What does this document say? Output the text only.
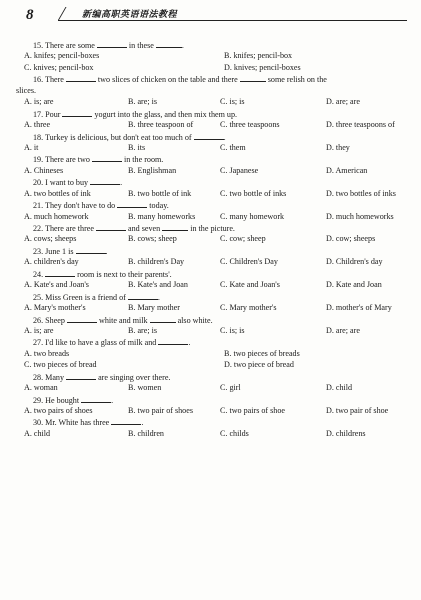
8	新编高职英语语法教程
15. There are some	in these	.
A. knifes; pencil-boxes	B. knifes; pencil-box
C. knives; pencil-box	D. knives; pencil-boxes
16. There	two slices of chicken on the table and there	some relish on the
slices.
A. is; are	B. are; is	C. is; is	D. are; are
17. Pour	yogurt into the glass, and then mix them up.
A. three	B. three teaspoon of	C. three teaspoons	D. three teaspoons of
18. Turkey is delicious, but don't eat too much of	.
A. it	B. its	C. them	D. they
19. There are two	in the room.
A. Chineses	B. Englishman	C. Japanese	D. American
20. I want to buy	.
A. two bottles of ink	B. two bottle of ink	C. two bottle of inks	D. two bottles of inks
21. They don't have to do	today.
A. much homework	B. many homeworks	C. many homework	D. much homeworks
22. There are three	and seven	in the picture.
A. cows; sheeps	B. cows; sheep	C. cow; sheep	D. cow; sheeps
23. June 1 is	.
A. children's day	B. children's Day	C. Children's Day	D. Children's day
24.	room is next to their parents'.
A. Kate's and Joan's	B. Kate's and Joan	C. Kate and Joan's	D. Kate and Joan
25. Miss Green is a friend of	.
A. Mary's mother's	B. Mary mother	C. Mary mother's	D. mother's of Mary
26. Sheep	white and milk	also white.
A. is; are	B. are; is	C. is; is	D. are; are
27. I'd like to have a glass of milk and	.
A. two breads	B. two pieces of breads
C. two pieces of bread	D. two piece of bread
28. Many	are singing over there.
A. woman	B. women	C. girl	D. child
29. He bought	.
A. two pairs of shoes	B. two pair of shoes	C. two pairs of shoe	D. two pair of shoe
30. Mr. White has three	.
A. child	B. children	C. childs	D. childrens
